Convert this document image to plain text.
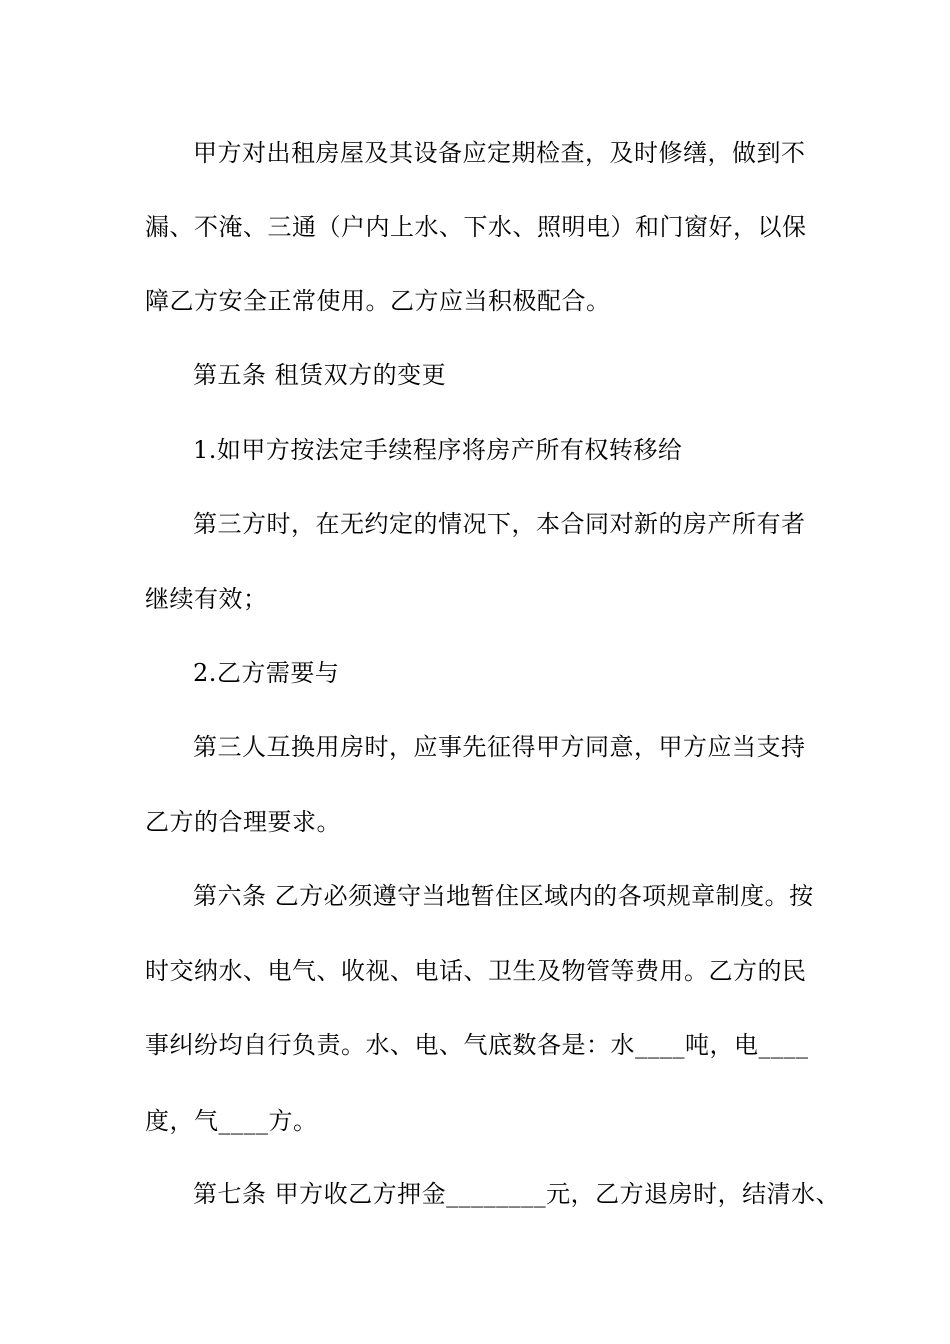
甲方对出租房屋及其设备应定期检查，及时修缮，做到不
漏、不淹、三通（户内上水、下水、照明电）和门窗好，以保
障乙方安全正常使用。乙方应当积极配合。
第五条 租赁双方的变更
1.如甲方按法定手续程序将房产所有权转移给
第三方时，在无约定的情况下，本合同对新的房产所有者
继续有效；
2.乙方需要与
第三人互换用房时，应事先征得甲方同意，甲方应当支持
乙方的合理要求。
第六条 乙方必须遵守当地暂住区域内的各项规章制度。按
时交纳水、电气、收视、电话、卫生及物管等费用。乙方的民
事纠纷均自行负责。水、电、气底数各是：水____吨，电____
度，气____方。
第七条 甲方收乙方押金________元，乙方退房时，结清水、
